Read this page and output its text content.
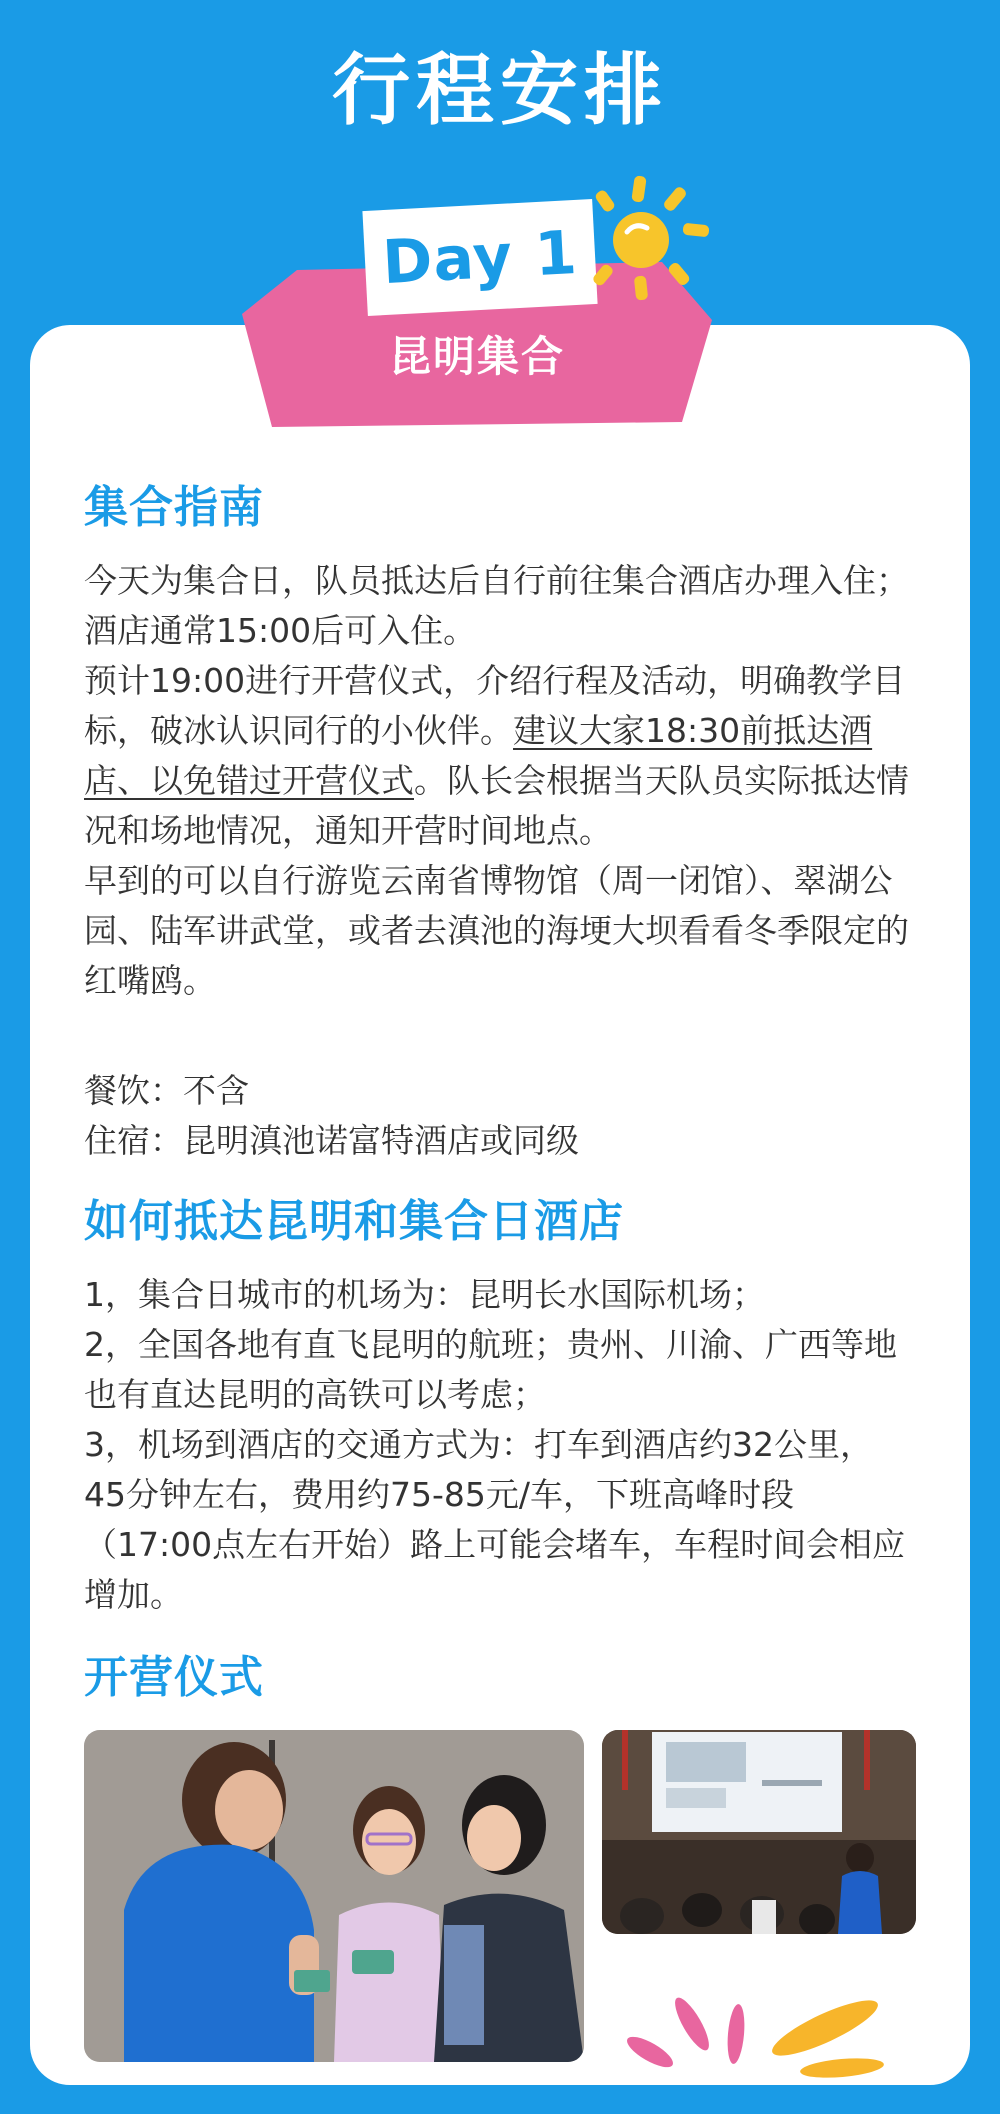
行程安排
Day 1
昆明集合
集合指南

今天为集合日，队员抵达后自行前往集合酒店办理入住；酒店通常15:00后可入住。

预计19:00进行开营仪式，介绍行程及活动，明确教学目标，破冰认识同行的小伙伴。建议大家18:30前抵达酒店、以免错过开营仪式。队长会根据当天队员实际抵达情况和场地情况，通知开营时间地点。

早到的可以自行游览云南省博物馆（周一闭馆）、翠湖公园、陆军讲武堂，或者去滇池的海埂大坝看看冬季限定的红嘴鸥。

餐饮：不含

住宿：昆明滇池诺富特酒店或同级

如何抵达昆明和集合日酒店

1，集合日城市的机场为：昆明长水国际机场；

2，全国各地有直飞昆明的航班；贵州、川渝、广西等地也有直达昆明的高铁可以考虑；

3，机场到酒店的交通方式为：打车到酒店约32公里，45分钟左右，费用约75-85元/车，下班高峰时段（17:00点左右开始）路上可能会堵车，车程时间会相应增加。

开营仪式
